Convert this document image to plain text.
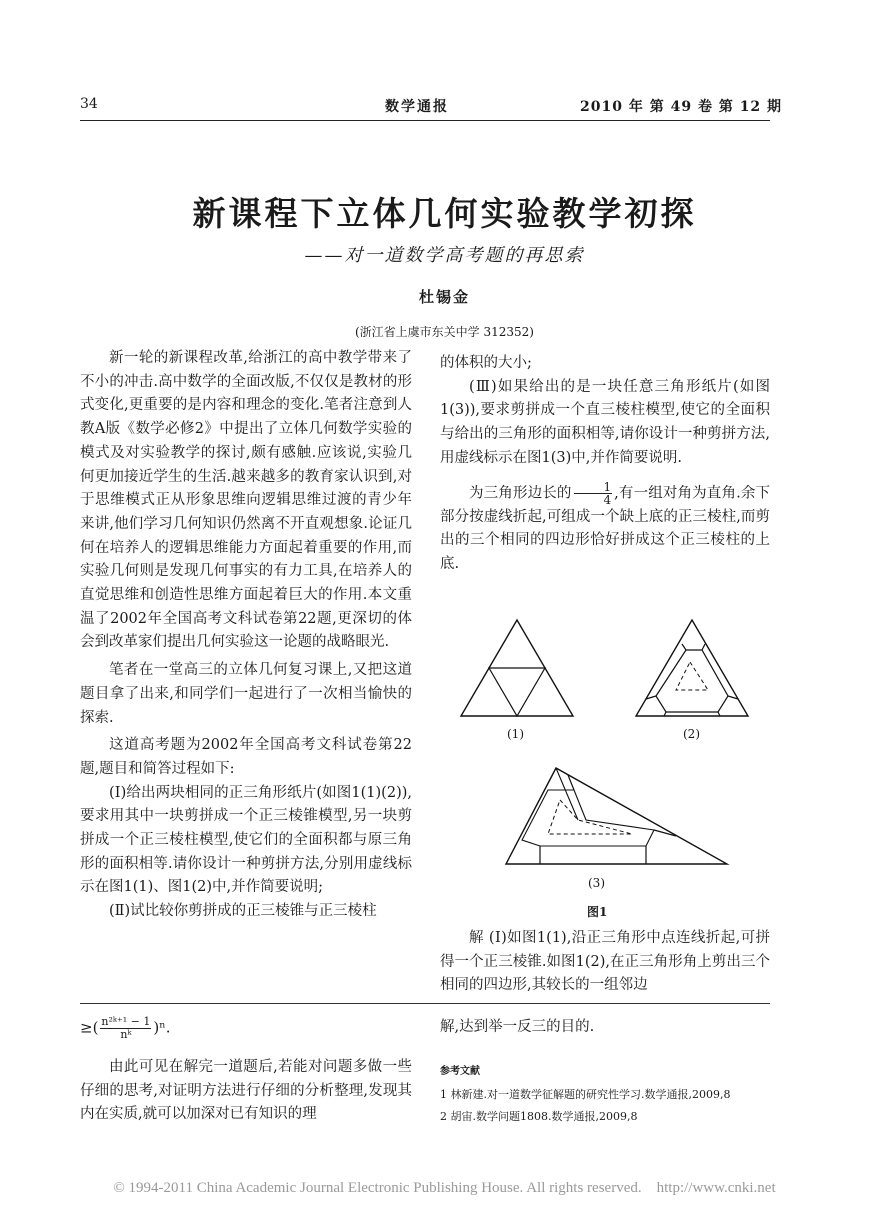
34	数学通报	2010 年 第 49 卷 第 12 期
新课程下立体几何实验教学初探
——对一道数学高考题的再思索
杜锡金
(浙江省上虞市东关中学 312352)

新一轮的新课程改革,给浙江的高中教学带来了不小的冲击.高中数学的全面改版,不仅仅是教材的形式变化,更重要的是内容和理念的变化.笔者注意到人教A版《数学必修2》中提出了立体几何数学实验的模式及对实验教学的探讨,颇有感触.应该说,实验几何更加接近学生的生活.越来越多的教育家认识到,对于思维模式正从形象思维向逻辑思维过渡的青少年来讲,他们学习几何知识仍然离不开直观想象.论证几何在培养人的逻辑思维能力方面起着重要的作用,而实验几何则是发现几何事实的有力工具,在培养人的直觉思维和创造性思维方面起着巨大的作用.本文重温了2002年全国高考文科试卷第22题,更深切的体会到改革家们提出几何实验这一论题的战略眼光.

笔者在一堂高三的立体几何复习课上,又把这道题目拿了出来,和同学们一起进行了一次相当愉快的探索.

这道高考题为2002年全国高考文科试卷第22题,题目和简答过程如下:

(Ⅰ)给出两块相同的正三角形纸片(如图1(1)(2)),要求用其中一块剪拼成一个正三棱锥模型,另一块剪拼成一个正三棱柱模型,使它们的全面积都与原三角形的面积相等.请你设计一种剪拼方法,分别用虚线标示在图1(1)、图1(2)中,并作简要说明;

(Ⅱ)试比较你剪拼成的正三棱锥与正三棱柱

的体积的大小;

(Ⅲ)如果给出的是一块任意三角形纸片(如图1(3)),要求剪拼成一个直三棱柱模型,使它的全面积与给出的三角形的面积相等,请你设计一种剪拼方法,用虚线标示在图1(3)中,并作简要说明.

为三角形边长的 $\frac{1}{4}$ ,有一组对角为直角.余下部分按虚线折起,可组成一个缺上底的正三棱柱,而剪出的三个相同的四边形恰好拼成这个正三棱柱的上底.

(1)	(2)
(3)
图1

解 (Ⅰ)如图1(1),沿正三角形中点连线折起,可拼得一个正三棱锥.如图1(2),在正三角形角上剪出三个相同的四边形,其较长的一组邻边

≥( $\frac{\text{n²ᵏ⁺¹ − 1}}{\text{nᵏ}} )^n$.

由此可见在解完一道题后,若能对问题多做一些仔细的思考,对证明方法进行仔细的分析整理,发现其内在实质,就可以加深对已有知识的理

解,达到举一反三的目的.

参考文献
1 林新建.对一道数学征解题的研究性学习.数学通报,2009,8
2 胡宙.数学问题1808.数学通报,2009,8
© 1994-2011 China Academic Journal Electronic Publishing House. All rights reserved.    http://www.cnki.net
